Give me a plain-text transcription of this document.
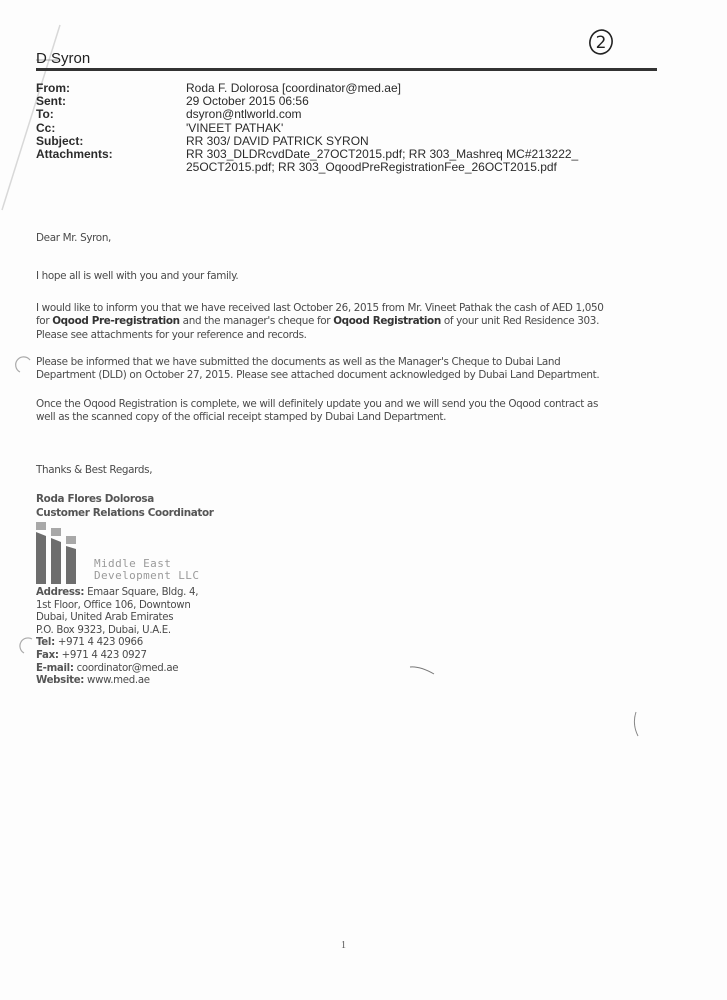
D Syron
2
From:	Roda F. Dolorosa [coordinator@med.ae]
Sent:	29 October 2015 06:56
To:	dsyron@ntlworld.com
Cc:	'VINEET PATHAK'
Subject:	RR 303/ DAVID PATRICK SYRON
Attachments:	RR 303_DLDRcvdDate_27OCT2015.pdf; RR 303_Mashreq MC#213222_
25OCT2015.pdf; RR 303_OqoodPreRegistrationFee_26OCT2015.pdf
Dear Mr. Syron,
I hope all is well with you and your family.
I would like to inform you that we have received last October 26, 2015 from Mr. Vineet Pathak the cash of AED 1,050
for Oqood Pre-registration and the manager's cheque for Oqood Registration of your unit Red Residence 303.
Please see attachments for your reference and records.
Please be informed that we have submitted the documents as well as the Manager's Cheque to Dubai Land
Department (DLD) on October 27, 2015. Please see attached document acknowledged by Dubai Land Department.
Once the Oqood Registration is complete, we will definitely update you and we will send you the Oqood contract as
well as the scanned copy of the official receipt stamped by Dubai Land Department.
Thanks & Best Regards,
Roda Flores Dolorosa
Customer Relations Coordinator
Middle East
Development LLC
Address: Emaar Square, Bldg. 4,
1st Floor, Office 106, Downtown
Dubai, United Arab Emirates
P.O. Box 9323, Dubai, U.A.E.
Tel: +971 4 423 0966
Fax: +971 4 423 0927
E-mail: coordinator@med.ae
Website: www.med.ae
1
